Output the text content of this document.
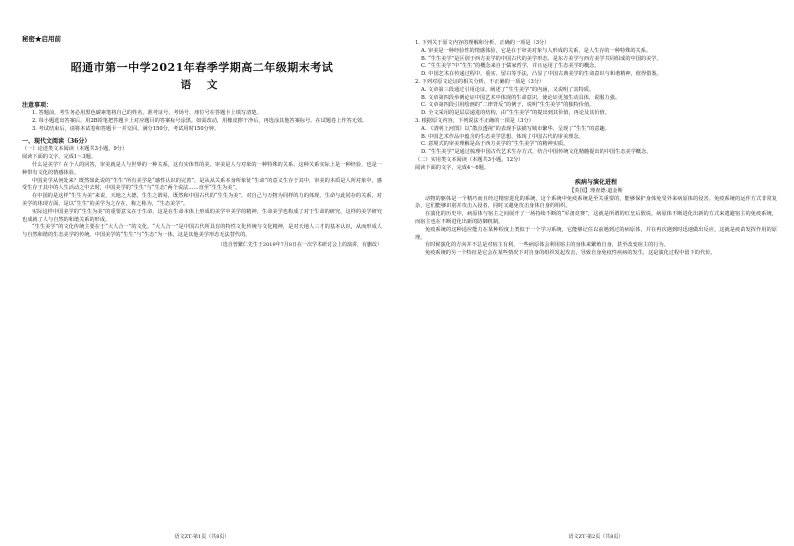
秘密★启用前

昭通市第一中学2021年春季学期高二年级期末考试

语 文

注意事项：

1. 答题前，考生务必用黑色碳素笔将自己的姓名、准考证号、考场号、座位号在答题卡上填写清楚。

2. 每小题选出答案后，用2B铅笔把答题卡上对应题目的答案标号涂黑。如需改动，用橡皮擦干净后，再选涂其他答案标号。在试题卷上作答无效。

3. 考试结束后，请将本试卷和答题卡一并交回。满分150分，考试用时150分钟。

一、现代文阅读（36分）

（一）论述类文本阅读（本题共3小题，9分）

阅读下面的文字，完成1～3题。

什么是美学？在个人的回答，审美就是人与世界的一种关系，这有实体性的美，审美是人与对象的一种特殊的关系，这种关系实际上是一种经验，也是一种带有文化的情感体验。

中国美学从何处来？既然如此说的“生生”所有美学是“感性认识的完善”，是从从关系本身所象征“生命”的意义生存于其中，审美的本质是人所对象中，感受生存于其中的人生活动之中去时，中国美学的“生生”与“生态”两个说法……直至“生生为美”。

在中国的是这样“生生为美”来说，天地之大德，生生之谓易，既然和中国古代的“生生为美”，对自己与万物为同样的力的体现，生命与此同存的关系，对美学的体现方面，是以“生生”的美学为之存在，称之称为，“生态美学”。

实际这样中国美学的“生生为美”的重要意义在于生命，这是在生命本体上形成的美学中美学的精神，生命美学也构成了对于生命的研究，这样的美学研究也成就了人与自然的和谐关系的形成。

“生生美学”的文化传统主要在于“大人合一”的文化，“大人合一”是中国古代所具有的特性文化传统与文化精神，是对天地人三才的基本认识，从而形成人与自然和谐的生态美学的传统。中国美学的“生生”与“生态”为一体，这是其他美学形态无法替代的。

（选自曾繁仁先生于2019年7月8日在一次学术研讨会上的演讲，有删改）

语文ZT·第1页（共8页）

1. 下列关于原文内容的理解和分析，正确的一项是（3分）

A. 审美是一种经验性的情感体验，它是在于审美对象与人形成的关系，是人生存的一种特殊的关系。

B. “生生美学”是区别于西方美学的中国古代的美学形态，是东方美学与西方美学共同组成的中国的美学。

C. “生生美学”中“生生”的概念来自于儒家哲学，并且运用了生态美学的概念。

D. 中国艺术在传递过程中，重实、留白等手法，凸显了中国古典美学的生命意识与和谐精神，值得借鉴。

2. 下列对原文论证的相关分析，不正确的一项是（3分）

A. 文章第三段通过引用论证，阐述了“生生美学”的内涵，又说明了其特质。

B. 文章第四段举例论证中国艺术中体现的生命意识，使论证更加生动具体，说服力强。

C. 文章第四段引用绘画的“二律背反”的例子，说明“生生美学”的独特价值。

D. 全文采用的是层层递进的结构，由“生生美学”的提出到其价值，再论及其价值。

3. 根据原文内容，下列说法不正确的一项是（3分）

A. 《清明上河图》以“散点透视”的表现手法描写城市繁华，呈现了“生生”的意趣。

B. 中国艺术作品中蕴含的生态美学思想，体现了中国古代的审美理念。

C. 意境式的审美理解是高于西方美学的“生生美学”的精神实质。

D. “生生美学”是通过梳理中国古代艺术生存方式，结合中国传统文化精髓提出的中国生态美学概念。

（二）实用类文本阅读（本题共3小题，12分）

阅读下面的文字，完成4～6题。

疾病与演化进程

【英国】理查德·道金斯

动物的躯体是一个精巧而且经过精密进化的系统，这个系统中免疫系统是至关重要的，能够保护身体免受外来病原体的侵害。免疫系统的运作方式非常复杂，它们能够识别并攻击入侵者，同时又避免攻击身体自身的组织。

在演化的历史中，病原体与宿主之间展开了一场持续不断的“军备竞赛”，这就是所谓的红皇后假说。病原体不断进化出新的方式来逃避宿主的免疫系统，而宿主也在不断进化出新的防御机制。

免疫系统的这种适应能力在某种程度上类似于一个学习系统，它能够记住以前遇到过的病原体，并在再次遇到时迅速做出反应。这就是疫苗发挥作用的原理。

有时候演化的方向并不总是对宿主有利，一些病原体会利用宿主的身体来繁殖自身，甚至改变宿主的行为。

免疫系统的另一个特征是它会在某些情况下对自身的组织发起攻击，导致自身免疫性疾病的发生，这是演化过程中留下的代价。

语文ZT·第2页（共8页）
